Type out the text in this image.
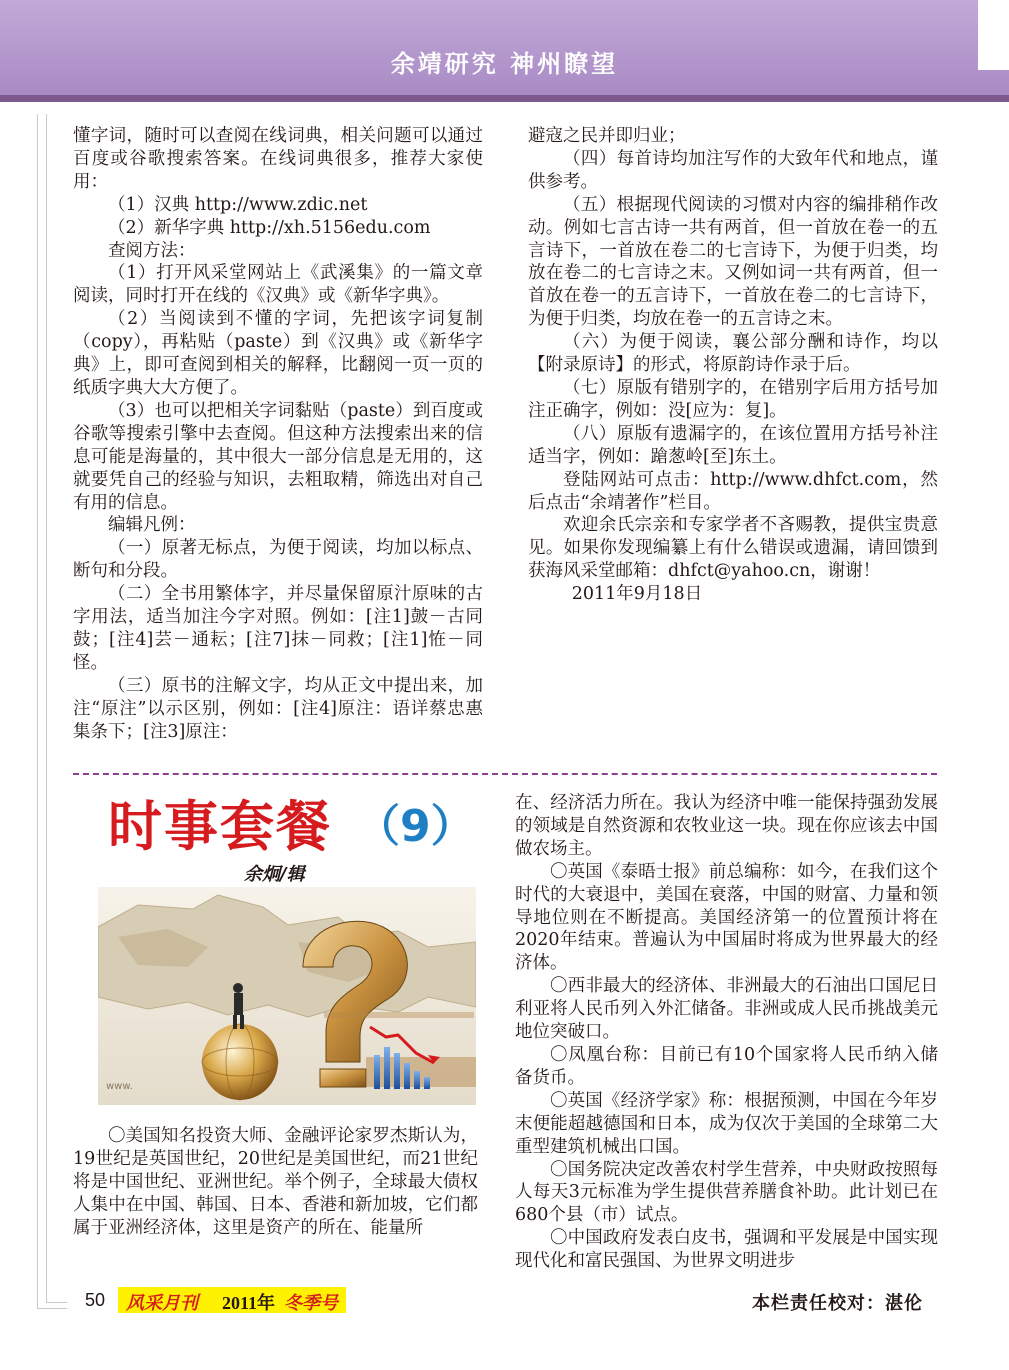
余靖研究 神州瞭望

懂字词，随时可以查阅在线词典，相关问题可以通过百度或谷歌搜索答案。在线词典很多，推荐大家使用：

（1）汉典 http://www.zdic.net

（2）新华字典 http://xh.5156edu.com

查阅方法：

（1）打开风采堂网站上《武溪集》的一篇文章阅读，同时打开在线的《汉典》或《新华字典》。

（2）当阅读到不懂的字词，先把该字词复制（copy），再粘贴（paste）到《汉典》或《新华字典》上，即可查阅到相关的解释，比翻阅一页一页的纸质字典大大方便了。

（3）也可以把相关字词黏贴（paste）到百度或谷歌等搜索引擎中去查阅。但这种方法搜索出来的信息可能是海量的，其中很大一部分信息是无用的，这就要凭自己的经验与知识，去粗取精，筛选出对自己有用的信息。

编辑凡例：

（一）原著无标点，为便于阅读，均加以标点、断句和分段。

（二）全书用繁体字，并尽量保留原汁原味的古字用法，适当加注今字对照。例如：[注1]皷－古同鼓；[注4]芸－通耘；[注7]抹－同救；[注1]恠－同怪。

（三）原书的注解文字，均从正文中提出来，加注“原注”以示区别，例如：[注4]原注：语详蔡忠惠集条下；[注3]原注：

避寇之民并即归业；

（四）每首诗均加注写作的大致年代和地点，谨供参考。

（五）根据现代阅读的习惯对内容的编排稍作改动。例如七言古诗一共有两首，但一首放在卷一的五言诗下，一首放在卷二的七言诗下，为便于归类，均放在卷二的七言诗之末。又例如词一共有两首，但一首放在卷一的五言诗下，一首放在卷二的七言诗下，为便于归类，均放在卷一的五言诗之末。

（六）为便于阅读，襄公部分酬和诗作，均以【附录原诗】的形式，将原韵诗作录于后。

（七）原版有错别字的，在错别字后用方括号加注正确字，例如：没[应为：复]。

（八）原版有遗漏字的，在该位置用方括号补注适当字，例如：蹌葱岭[至]东土。

登陆网站可点击：http://www.dhfct.com，然后点击“余靖著作”栏目。

欢迎余氏宗亲和专家学者不吝赐教，提供宝贵意见。如果你发现编纂上有什么错误或遗漏，请回馈到获海风采堂邮箱：dhfct@yahoo.cn，谢谢！

2011年9月18日

时事套餐 （9）
余炯/辑
www.

〇美国知名投资大师、金融评论家罗杰斯认为，19世纪是英国世纪，20世纪是美国世纪，而21世纪将是中国世纪、亚洲世纪。举个例子，全球最大债权人集中在中国、韩国、日本、香港和新加坡，它们都属于亚洲经济体，这里是资产的所在、能量所

在、经济活力所在。我认为经济中唯一能保持强劲发展的领域是自然资源和农牧业这一块。现在你应该去中国做农场主。

〇英国《泰晤士报》前总编称：如今，在我们这个时代的大衰退中，美国在衰落，中国的财富、力量和领导地位则在不断提高。美国经济第一的位置预计将在2020年结束。普遍认为中国届时将成为世界最大的经济体。

〇西非最大的经济体、非洲最大的石油出口国尼日利亚将人民币列入外汇储备。非洲或成人民币挑战美元地位突破口。

〇凤凰台称：目前已有10个国家将人民币纳入储备货币。

〇英国《经济学家》称：根据预测，中国在今年岁末便能超越德国和日本，成为仅次于美国的全球第二大重型建筑机械出口国。

〇国务院决定改善农村学生营养，中央财政按照每人每天3元标准为学生提供营养膳食补助。此计划已在680个县（市）试点。

〇中国政府发表白皮书，强调和平发展是中国实现现代化和富民强国、为世界文明进步

50 风采月刊 2011年 冬季号	本栏责任校对：湛伦
